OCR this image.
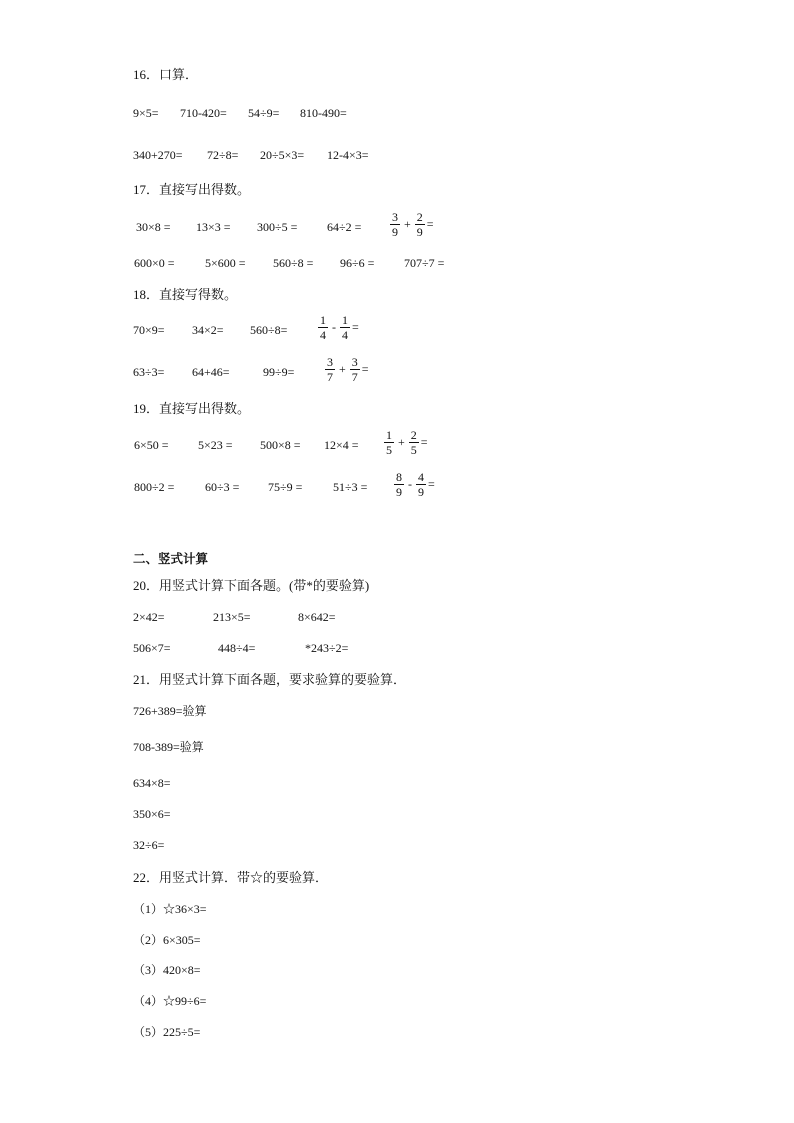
16．口算．
9×5= 710-420= 54÷9= 810-490=
340+270= 72÷8= 20÷5×3= 12-4×3=
17．直接写出得数。
$30\times 8 = 13\times 3 = 300\div 5 = 64\div 2 = \frac{3}{9} + \frac{2}{9}$ =
600×0 =	5×600 = 560÷8 = 96÷6 = 707÷7 =
18．直接写得数。
70×9= 34×2= 560÷8=	$\frac{1}{4} - \frac{1}{4}$ =
63÷3= 64+46=	99÷9=	$\frac{3}{7} + \frac{3}{7}$ =
19．直接写出得数。
$6\times 50 = 5\times 23 = 500\times 8 = 12\times 4 = \frac{1}{5} + \frac{2}{5}$ =
800÷2 =	60÷3 = 75÷9 =	$51\div 3 = \frac{8}{9} - \frac{4}{9}$ =
二、竖式计算
20．用竖式计算下面各题。(带*的要验算)
2×42=	213×5=	8×642=
506×7=	448÷4=	*243÷2=
21．用竖式计算下面各题，要求验算的要验算．
726+389=验算
708-389=验算
634×8=
350×6=
32÷6=
22．用竖式计算．带☆的要验算．
（1）☆36×3=
（2）6×305=
（3）420×8=
（4）☆99÷6=
（5）225÷5=
